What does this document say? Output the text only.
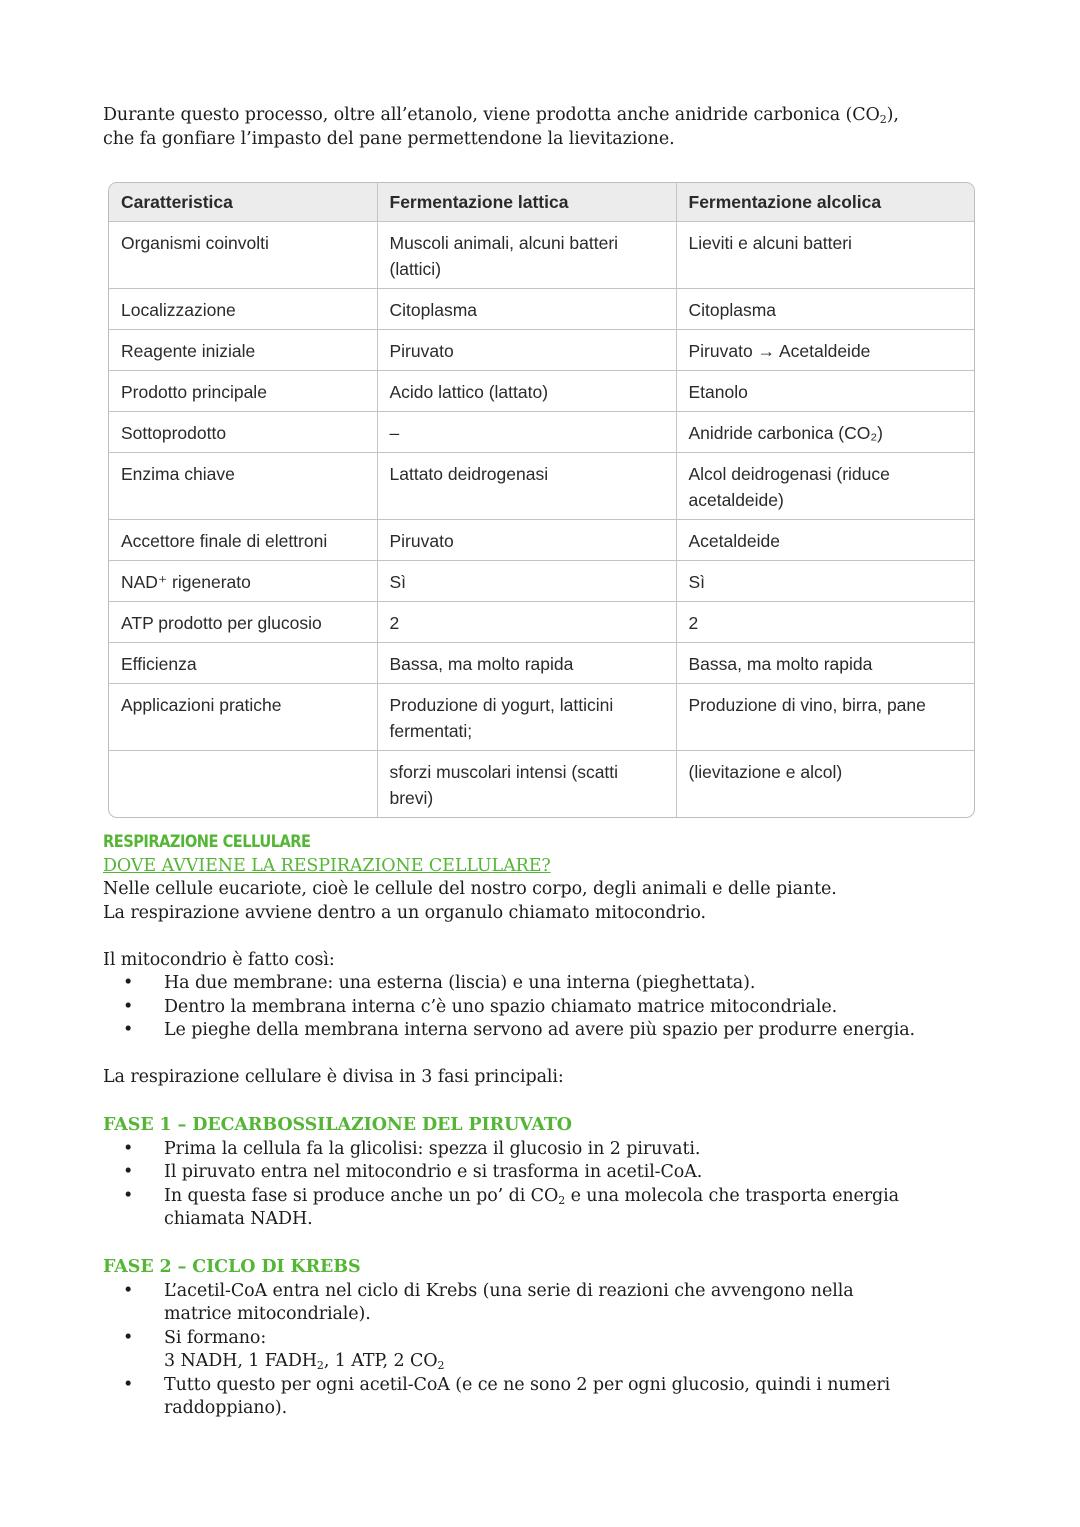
Durante questo processo, oltre all’etanolo, viene prodotta anche anidride carbonica $(CO_2)$,
che fa gonfiare l’impasto del pane permettendone la lievitazione.
Caratteristica	Fermentazione lattica	Fermentazione alcolica
Organismi coinvolti	Muscoli animali, alcuni batteri (lattici)	Lieviti e alcuni batteri
Localizzazione	Citoplasma	Citoplasma
Reagente iniziale	Piruvato	Piruvato → Acetaldeide
Prodotto principale	Acido lattico (lattato)	Etanolo
Sottoprodotto	–	Anidride carbonica (CO₂)
Enzima chiave	Lattato deidrogenasi	Alcol deidrogenasi (riduce acetaldeide)
Accettore finale di elettroni	Piruvato	Acetaldeide
NAD⁺ rigenerato	Sì	Sì
ATP prodotto per glucosio	2	2
Efficienza	Bassa, ma molto rapida	Bassa, ma molto rapida
Applicazioni pratiche	Produzione di yogurt, latticini fermentati;	Produzione di vino, birra, pane
	sforzi muscolari intensi (scatti brevi)	(lievitazione e alcol)
RESPIRAZIONE CELLULARE
DOVE AVVIENE LA RESPIRAZIONE CELLULARE?
Nelle cellule eucariote, cioè le cellule del nostro corpo, degli animali e delle piante.
La respirazione avviene dentro a un organulo chiamato mitocondrio.
Il mitocondrio è fatto così:
• Ha due membrane: una esterna (liscia) e una interna (pieghettata).
• Dentro la membrana interna c’è uno spazio chiamato matrice mitocondriale.
• Le pieghe della membrana interna servono ad avere più spazio per produrre energia.
La respirazione cellulare è divisa in 3 fasi principali:
FASE 1 – DECARBOSSILAZIONE DEL PIRUVATO
• Prima la cellula fa la glicolisi: spezza il glucosio in 2 piruvati.
• Il piruvato entra nel mitocondrio e si trasforma in acetil-CoA.
• In questa fase si produce anche un po’ di $CO_2$ e una molecola che trasporta energia
chiamata NADH.
FASE 2 – CICLO DI KREBS
• L’acetil-CoA entra nel ciclo di Krebs (una serie di reazioni che avvengono nella
matrice mitocondriale).
• Si formano:
3 NADH, 1 $FADH_2$, 1 ATP, 2 $CO_2$
• Tutto questo per ogni acetil-CoA (e ce ne sono 2 per ogni glucosio, quindi i numeri
raddoppiano).
